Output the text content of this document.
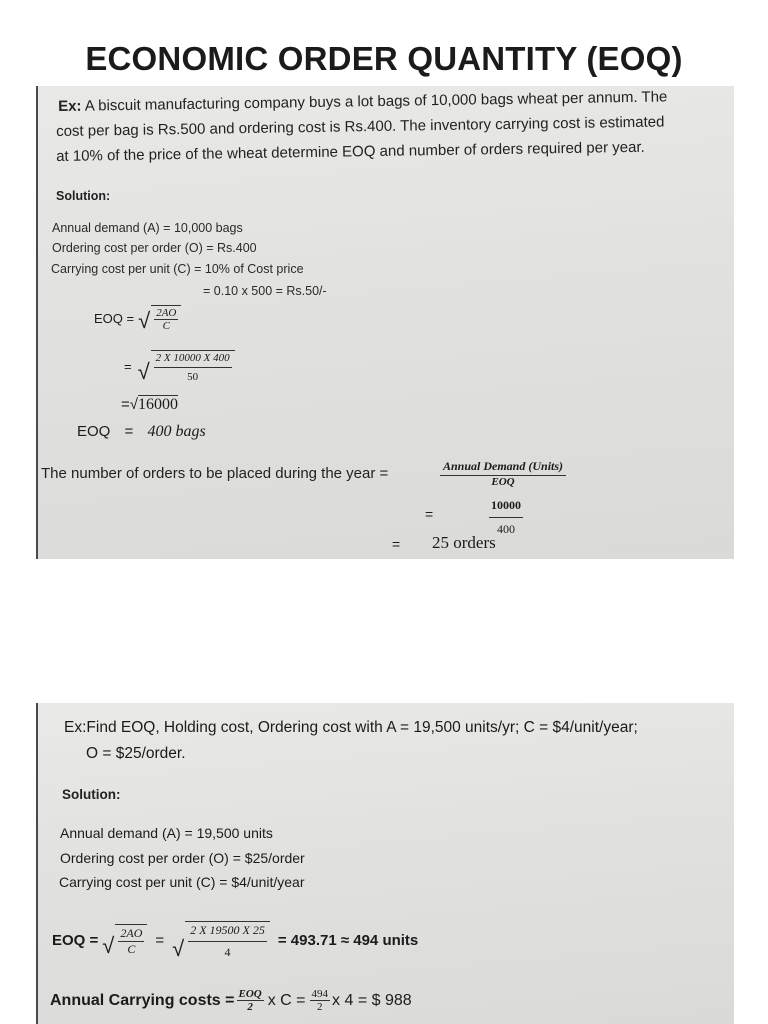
ECONOMIC ORDER QUANTITY (EOQ)
Ex: A biscuit manufacturing company buys a lot bags of 10,000 bags wheat per annum. The
cost per bag is Rs.500 and ordering cost is Rs.400. The inventory carrying cost is estimated
at 10% of the price of the wheat determine EOQ and number of orders required per year.
Solution:
Annual demand (A) = 10,000 bags
Ordering cost per order (O) = Rs.400
Carrying cost per unit (C) = 10% of Cost price
= 0.10 x 500 = Rs.50/-
EOQ = √ $\frac{2AO}{C}$
= √ $\frac{2 X 10000 X 400}{50}$
=√16000
EOQ = 400 bags
The number of orders to be placed during the year =	$\frac{\text{Annual Demand (Units)}}{\text{EOQ}}$
=	$\frac{10000}{400}$
= 25 orders
Ex:Find EOQ, Holding cost, Ordering cost with A = 19,500 units/yr; C = $4/unit/year;
O = $25/order.
Solution:
Annual demand (A) = 19,500 units
Ordering cost per order (O) = $25/order
Carrying cost per unit (C) = $4/unit/year
EOQ = √ $\frac{2AO}{C}$ = √ $\frac{2 X 19500 X 25}{4} = 493.71 \approx 494$ units
Annual Carrying costs = $\frac{\text{EOQ}}{2}$ x $C = \frac{494}{2}$ x 4 = $ 988
